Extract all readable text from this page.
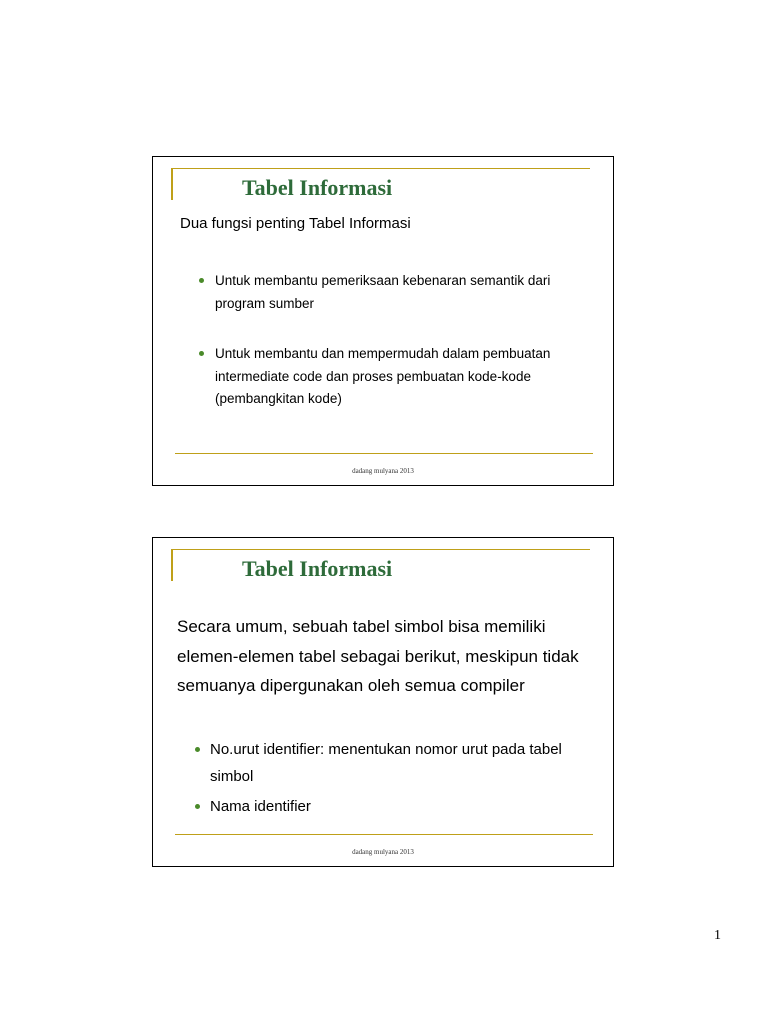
Tabel Informasi
Dua fungsi penting Tabel Informasi
Untuk membantu pemeriksaan kebenaran semantik dari program sumber
Untuk membantu dan mempermudah dalam pembuatan intermediate code dan proses pembuatan kode-kode (pembangkitan kode)
dadang mulyana 2013
Tabel Informasi
Secara umum, sebuah tabel simbol bisa memiliki elemen-elemen tabel sebagai berikut, meskipun tidak semuanya dipergunakan oleh semua compiler
No.urut identifier: menentukan nomor urut pada tabel simbol
Nama identifier
dadang mulyana 2013
1
